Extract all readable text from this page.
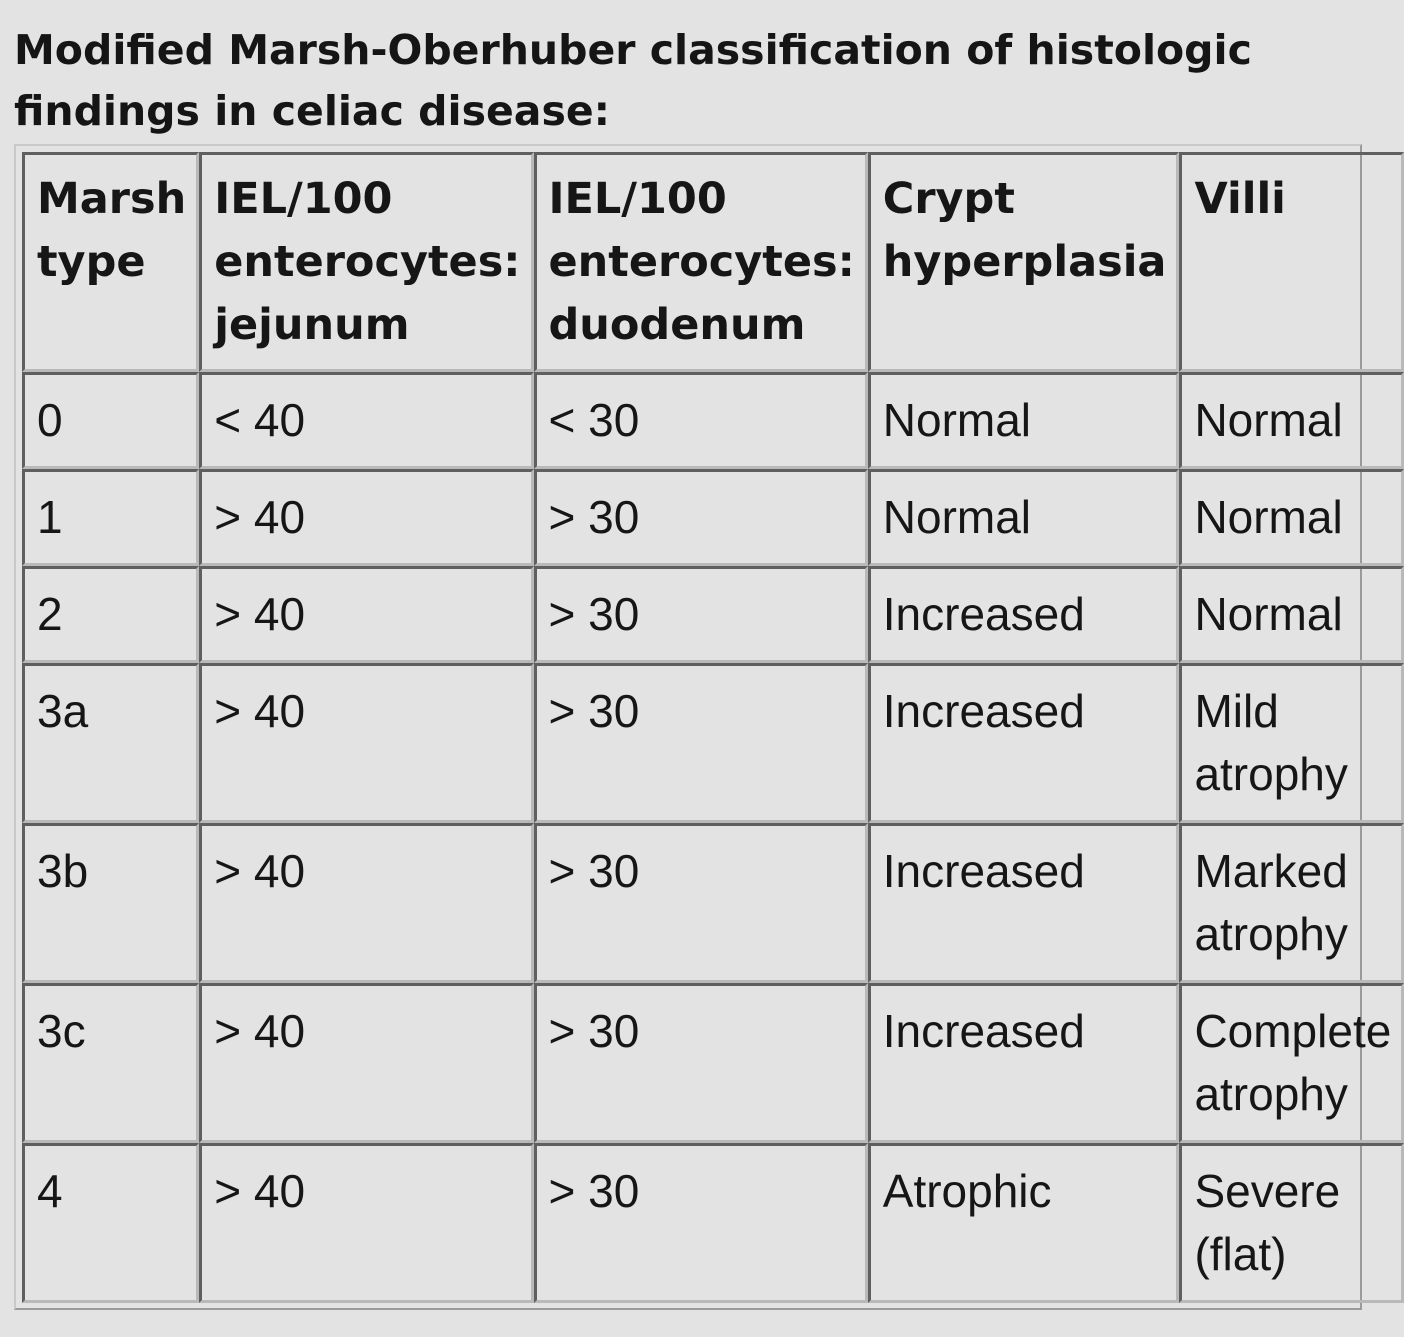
Modified Marsh-Oberhuber classification of histologic findings in celiac disease:
Marsh type	IEL/100 enterocytes: jejunum	IEL/100 enterocytes: duodenum	Crypt hyperplasia	Villi
0	< 40	< 30	Normal	Normal
1	> 40	> 30	Normal	Normal
2	> 40	> 30	Increased	Normal
3a	> 40	> 30	Increased	Mild atrophy
3b	> 40	> 30	Increased	Marked atrophy
3c	> 40	> 30	Increased	Complete atrophy
4	> 40	> 30	Atrophic	Severe (flat)
